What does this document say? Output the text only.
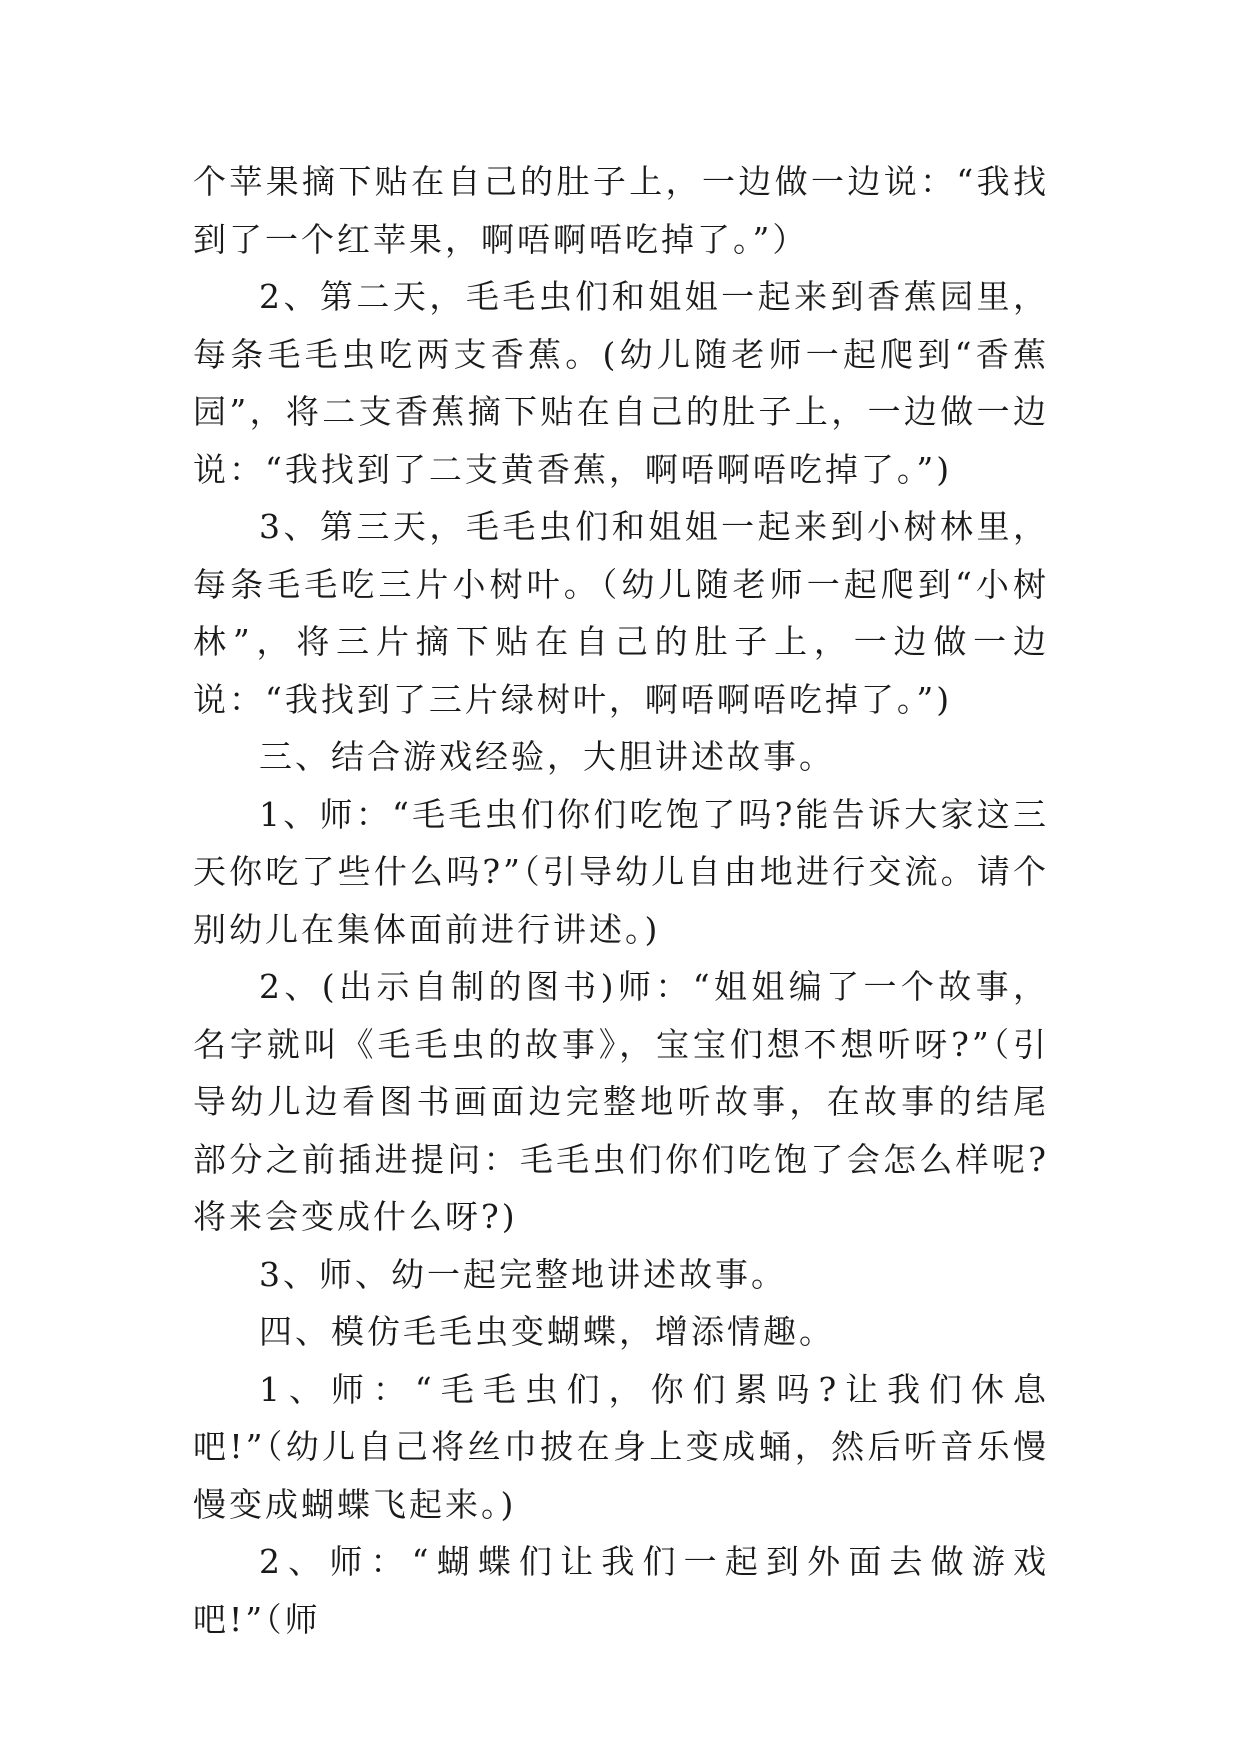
个苹果摘下贴在自己的肚子上，一边做一边说：“我找到了一个红苹果，啊唔啊唔吃掉了。”）

2、第二天，毛毛虫们和姐姐一起来到香蕉园里，每条毛毛虫吃两支香蕉。(幼儿随老师一起爬到“香蕉园”，将二支香蕉摘下贴在自己的肚子上，一边做一边说：“我找到了二支黄香蕉，啊唔啊唔吃掉了。”)

3、第三天，毛毛虫们和姐姐一起来到小树林里，每条毛毛吃三片小树叶。（幼儿随老师一起爬到“小树林”，将三片摘下贴在自己的肚子上，一边做一边说：“我找到了三片绿树叶，啊唔啊唔吃掉了。”)

三、结合游戏经验，大胆讲述故事。

1、师：“毛毛虫们你们吃饱了吗?能告诉大家这三天你吃了些什么吗?”（引导幼儿自由地进行交流。请个别幼儿在集体面前进行讲述。)

2、(出示自制的图书)师：“姐姐编了一个故事，名字就叫《毛毛虫的故事》，宝宝们想不想听呀?”（引导幼儿边看图书画面边完整地听故事，在故事的结尾部分之前插进提问：毛毛虫们你们吃饱了会怎么样呢?将来会变成什么呀?)

3、师、幼一起完整地讲述故事。

四、模仿毛毛虫变蝴蝶，增添情趣。

1、师：“毛毛虫们，你们累吗?让我们休息吧!”（幼儿自己将丝巾披在身上变成蛹，然后听音乐慢慢变成蝴蝶飞起来。)

2、师：“蝴蝶们让我们一起到外面去做游戏吧!”（师
